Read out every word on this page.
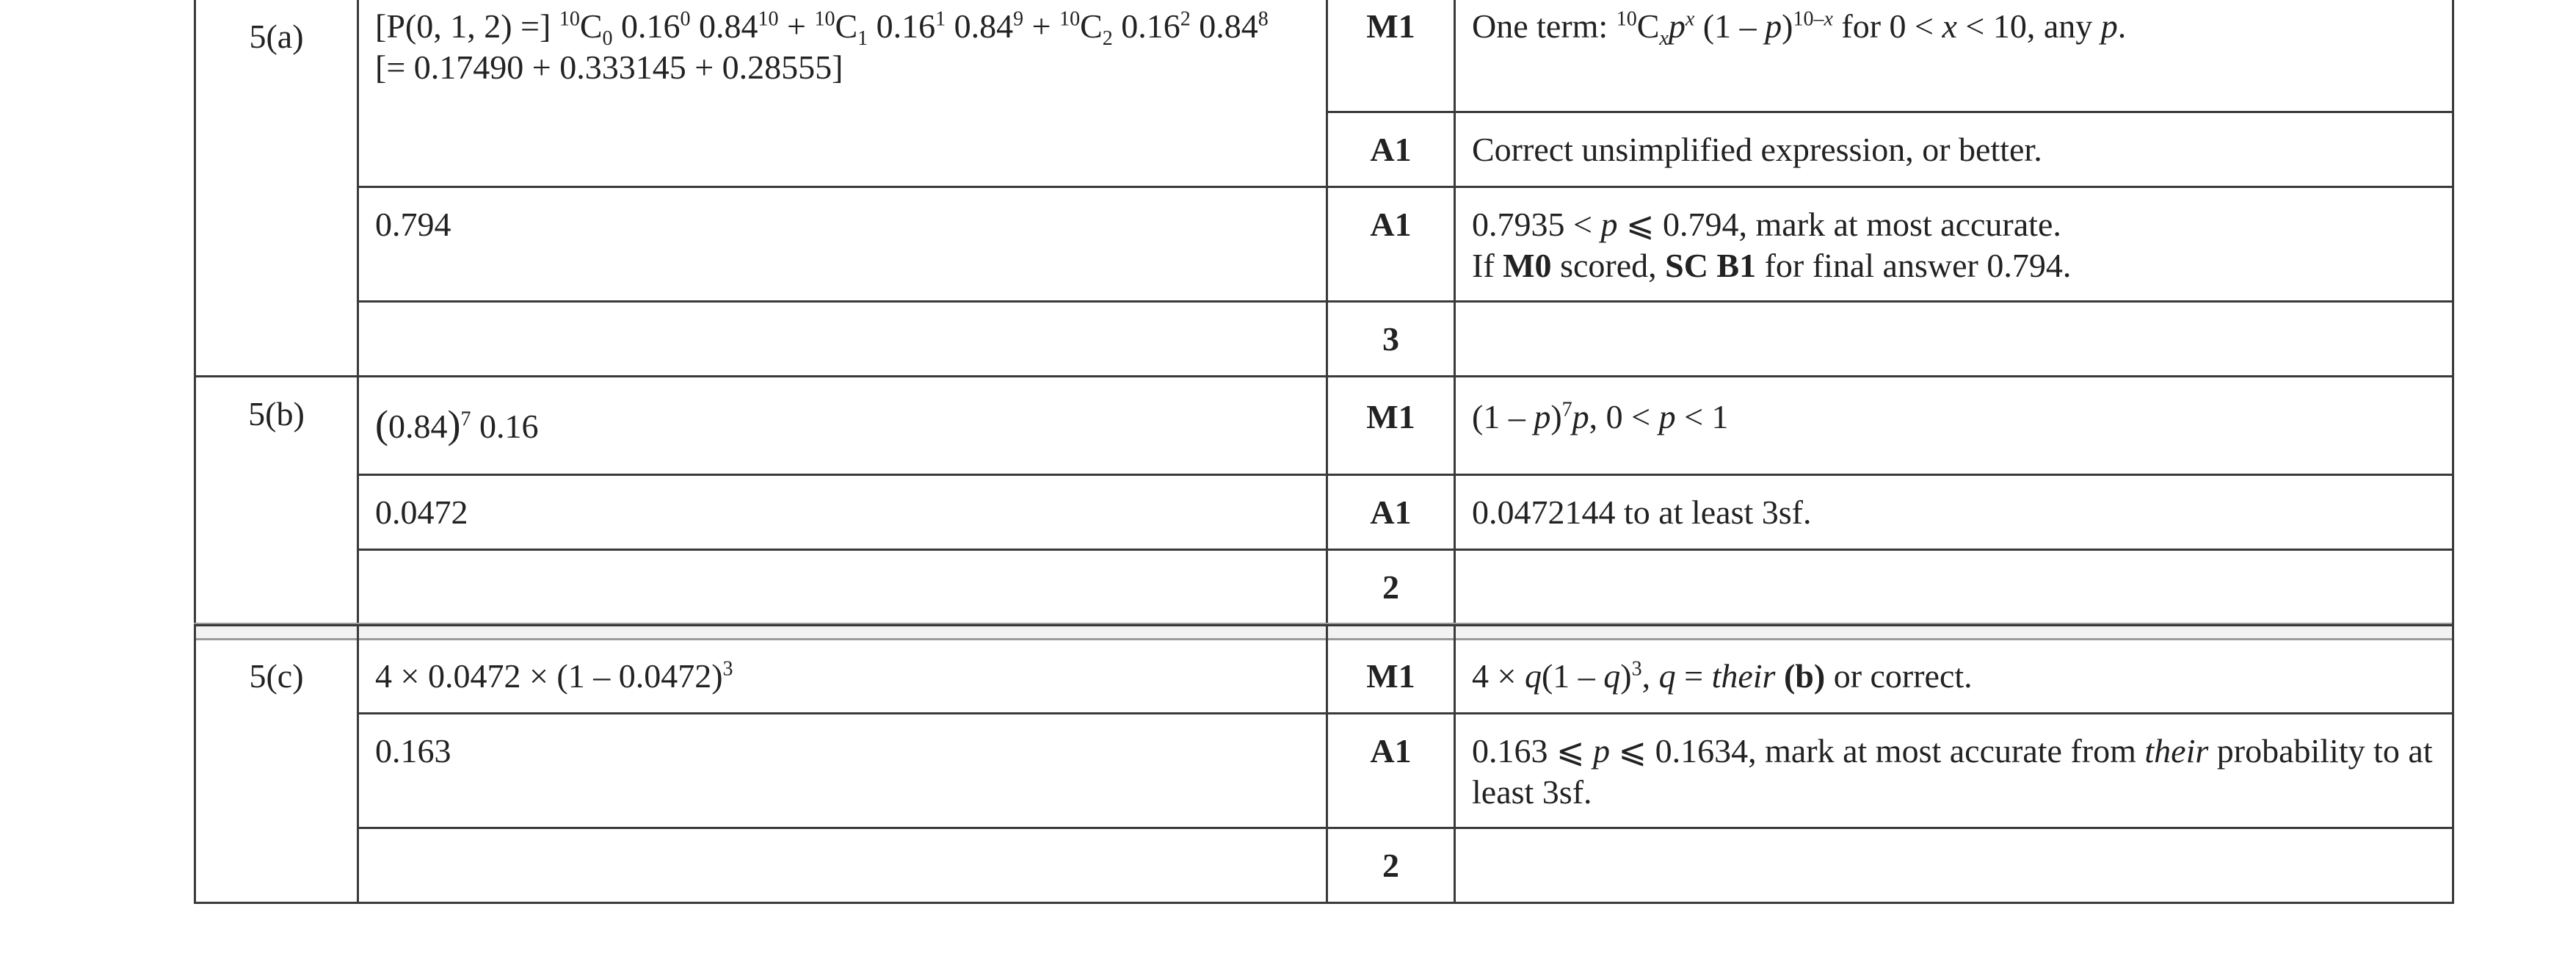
5(a)	[P(0, 1, 2) =] $^{10}C_0$ 0.16$^0$ $0.84^{10} + ^{10}C_1$ 0.16$^1$ $0.84^9 + ^{10}C_2$ 0.16$^2$ 0.84$^8$
[= 0.17490 + 0.333145 + 0.28555]	M1	One term: $^{10}C_xp^x$ (1 – p)$^{10-x}$ for 0 < x < 10, any p.
		A1	Correct unsimplified expression, or better.
	0.794	A1	0.7935 < p ⩽ 0.794, mark at most accurate.
If M0 scored, SC B1 for final answer 0.794.

		3	
5(b)	$(0.84)^7$ 0.16	M1	(1 – p)$^7$p, 0 < p < 1
	0.0472	A1	0.0472144 to at least 3sf.
		2	
5(c)	4 × 0.0472 × (1 – 0.0472)$^3$	M1	4 × q(1 – q)$^3$, q = their (b) or correct.
	0.163	A1	0.163 ⩽ p ⩽ 0.1634, mark at most accurate from their probability to at least 3sf.
		2	
